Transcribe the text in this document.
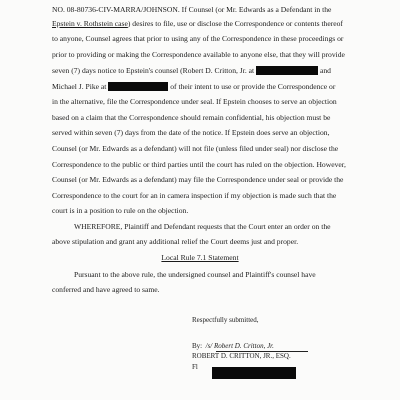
NO. 08-80736-CIV-MARRA/JOHNSON. If Counsel (or Mr. Edwards as a Defendant in the
Epstein v. Rothstein case) desires to file, use or disclose the Correspondence or contents thereof
to anyone, Counsel agrees that prior to using any of the Correspondence in these proceedings or
prior to providing or making the Correspondence available to anyone else, that they will provide
seven (7) days notice to Epstein's counsel (Robert D. Critton, Jr. at	and
Michael J. Pike at	of their intent to use or provide the Correspondence or
in the alternative, file the Correspondence under seal. If Epstein chooses to serve an objection
based on a claim that the Correspondence should remain confidential, his objection must be
served within seven (7) days from the date of the notice. If Epstein does serve an objection,
Counsel (or Mr. Edwards as a defendant) will not file (unless filed under seal) nor disclose the
Correspondence to the public or third parties until the court has ruled on the objection. However,
Counsel (or Mr. Edwards as a defendant) may file the Correspondence under seal or provide the
Correspondence to the court for an in camera inspection if my objection is made such that the
court is in a position to rule on the objection.
WHEREFORE, Plaintiff and Defendant requests that the Court enter an order on the
above stipulation and grant any additional relief the Court deems just and proper.
Local Rule 7.1 Statement
Pursuant to the above rule, the undersigned counsel and Plaintiff's counsel have
conferred and have agreed to same.
Respectfully submitted,
By: /s/ Robert D. Critton, Jr.
ROBERT D. CRITTON, JR., ESQ.
Fl
